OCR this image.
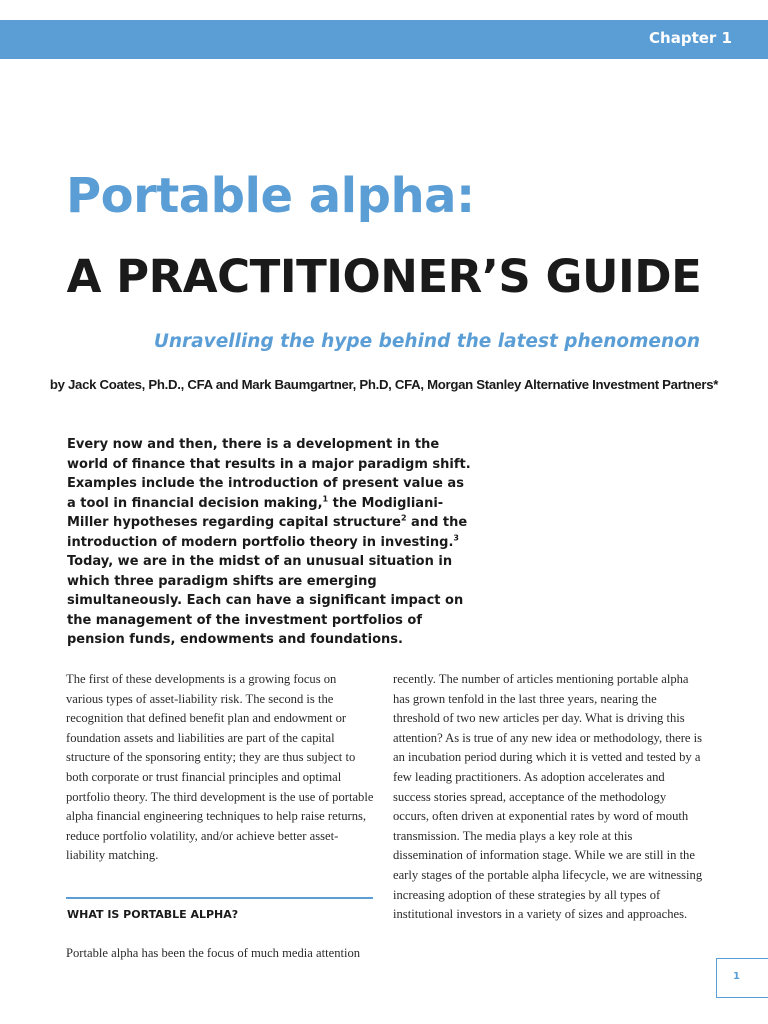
Chapter 1
Portable alpha:
A PRACTITIONER’S GUIDE
Unravelling the hype behind the latest phenomenon
by Jack Coates, Ph.D., CFA and Mark Baumgartner, Ph.D, CFA, Morgan Stanley Alternative Investment Partners*

Every now and then, there is a development in the world of finance that results in a major paradigm shift. Examples include the introduction of present value as a tool in financial decision making,$^1$ the Modigliani-Miller hypotheses regarding capital structure$^2$ and the introduction of modern portfolio theory in investing.$^3$ Today, we are in the midst of an unusual situation in which three paradigm shifts are emerging simultaneously. Each can have a significant impact on the management of the investment portfolios of pension funds, endowments and foundations.

The first of these developments is a growing focus on various types of asset-liability risk. The second is the recognition that defined benefit plan and endowment or foundation assets and liabilities are part of the capital structure of the sponsoring entity; they are thus subject to both corporate or trust financial principles and optimal portfolio theory. The third development is the use of portable alpha financial engineering techniques to help raise returns, reduce portfolio volatility, and/or achieve better asset-liability matching.

WHAT IS PORTABLE ALPHA?

Portable alpha has been the focus of much media attention

recently. The number of articles mentioning portable alpha has grown tenfold in the last three years, nearing the threshold of two new articles per day. What is driving this attention? As is true of any new idea or methodology, there is an incubation period during which it is vetted and tested by a few leading practitioners. As adoption accelerates and success stories spread, acceptance of the methodology occurs, often driven at exponential rates by word of mouth transmission. The media plays a key role at this dissemination of information stage. While we are still in the early stages of the portable alpha lifecycle, we are witnessing increasing adoption of these strategies by all types of institutional investors in a variety of sizes and approaches.

1
